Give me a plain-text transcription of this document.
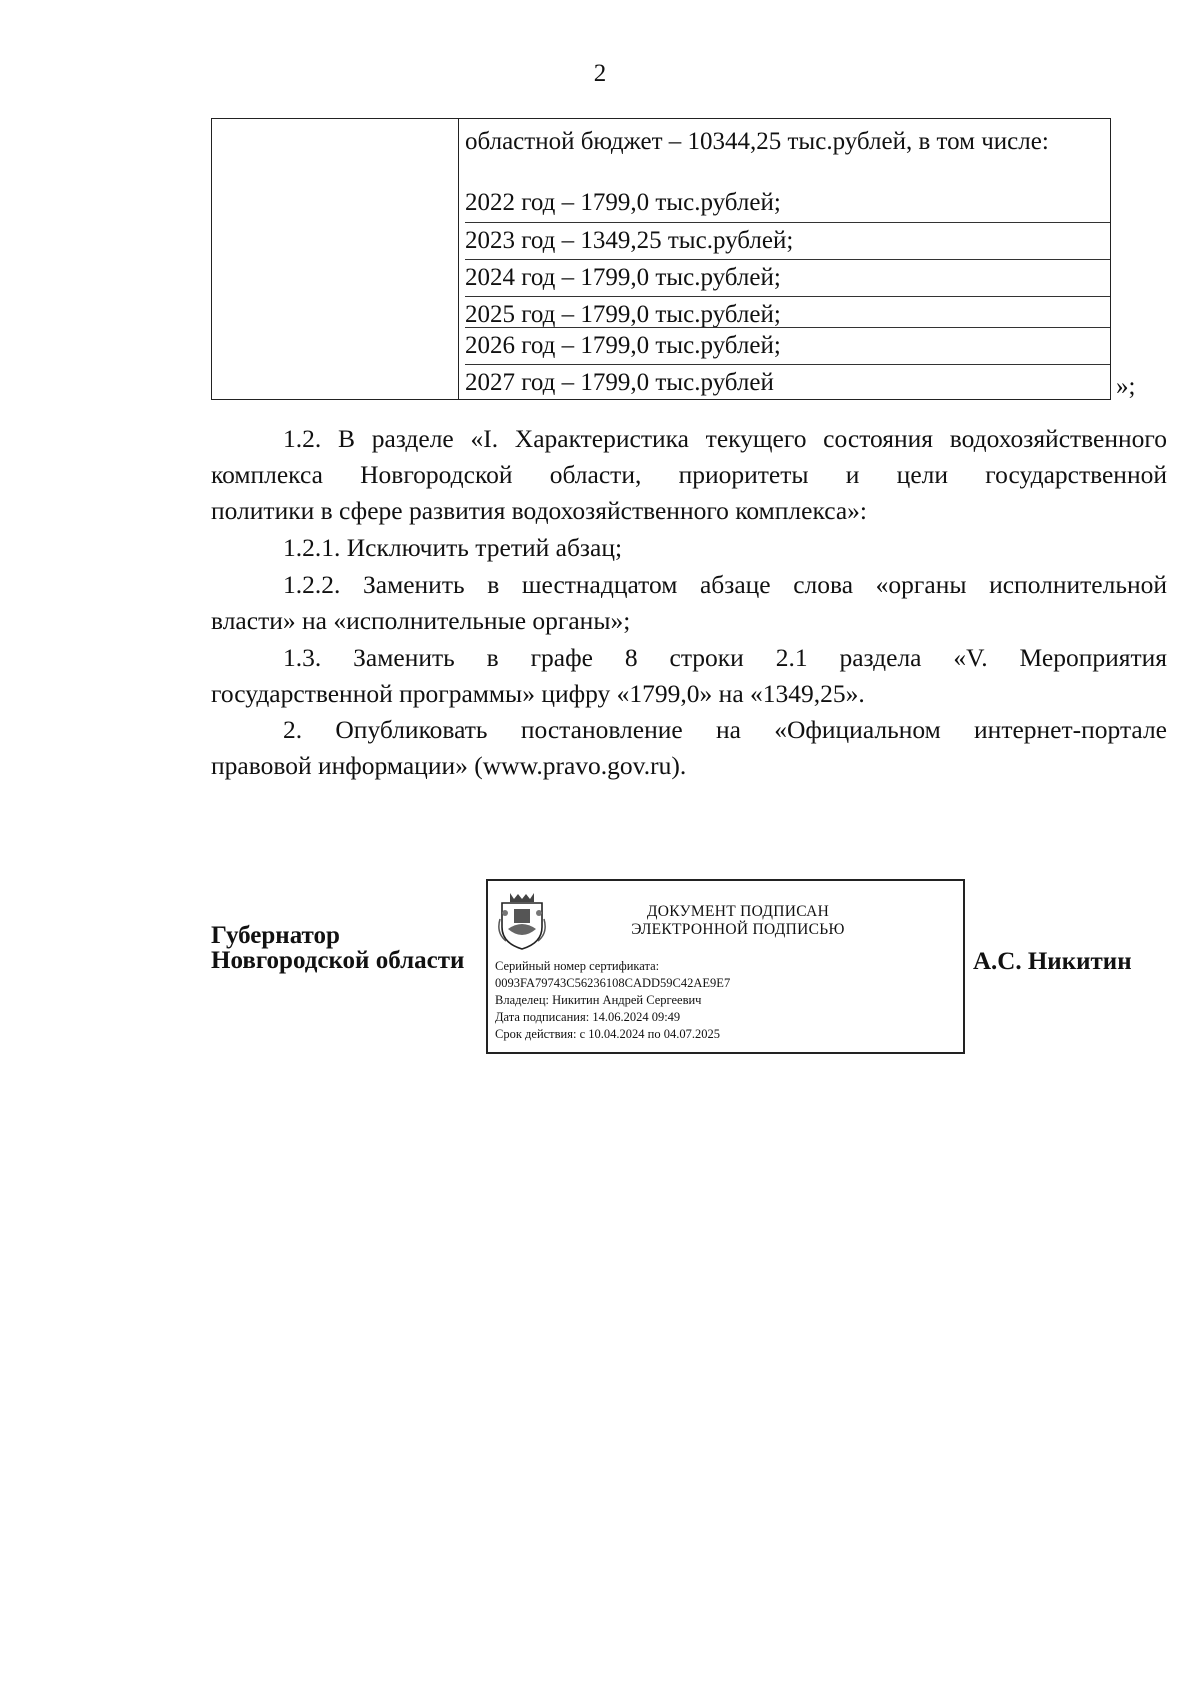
2
областной бюджет – 10344,25 тыс.рублей, в том числе:
2022 год – 1799,0 тыс.рублей;
2023 год – 1349,25 тыс.рублей;
2024 год – 1799,0 тыс.рублей;
2025 год – 1799,0 тыс.рублей;
2026 год – 1799,0 тыс.рублей;
2027 год – 1799,0 тыс.рублей	»;
1.2. В разделе «I. Характеристика текущего состояния водохозяйственного
комплекса Новгородской области, приоритеты и цели государственной
политики в сфере развития водохозяйственного комплекса»:
1.2.1. Исключить третий абзац;
1.2.2. Заменить в шестнадцатом абзаце слова «органы исполнительной
власти» на «исполнительные органы»;
1.3. Заменить в графе 8 строки 2.1 раздела «V. Мероприятия
государственной программы» цифру «1799,0» на «1349,25».
2. Опубликовать постановление на «Официальном интернет-портале
правовой информации» (www.pravo.gov.ru).
Губернатор
Новгородской области
ДОКУМЕНТ ПОДПИСАН
ЭЛЕКТРОННОЙ ПОДПИСЬЮ
Серийный номер сертификата:
0093FA79743C56236108CADD59C42AE9E7
Владелец: Никитин Андрей Сергеевич
Дата подписания: 14.06.2024 09:49
Срок действия: с 10.04.2024 по 04.07.2025
А.С. Никитин
